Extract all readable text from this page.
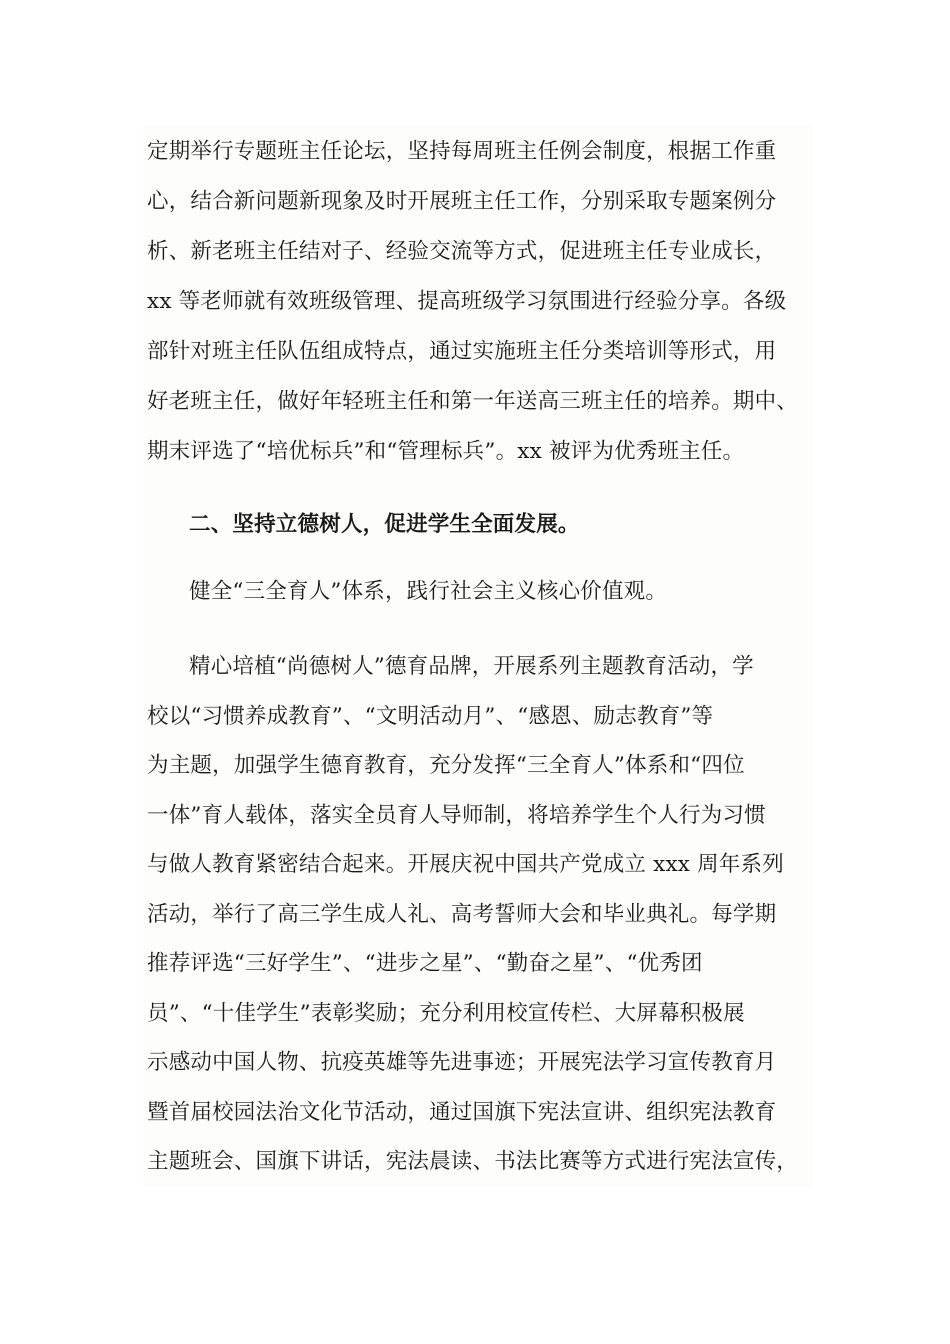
定期举行专题班主任论坛，坚持每周班主任例会制度，根据工作重
心，结合新问题新现象及时开展班主任工作，分别采取专题案例分
析、新老班主任结对子、经验交流等方式，促进班主任专业成长，
xx 等老师就有效班级管理、提高班级学习氛围进行经验分享。各级
部针对班主任队伍组成特点，通过实施班主任分类培训等形式，用
好老班主任，做好年轻班主任和第一年送高三班主任的培养。期中、
期末评选了“培优标兵”和“管理标兵”。xx 被评为优秀班主任。
二、坚持立德树人，促进学生全面发展。
健全“三全育人”体系，践行社会主义核心价值观。
精心培植“尚德树人”德育品牌，开展系列主题教育活动，学
校以“习惯养成教育”、“文明活动月”、“感恩、励志教育”等
为主题，加强学生德育教育，充分发挥“三全育人”体系和“四位
一体”育人载体，落实全员育人导师制，将培养学生个人行为习惯
与做人教育紧密结合起来。开展庆祝中国共产党成立 xxx 周年系列
活动，举行了高三学生成人礼、高考誓师大会和毕业典礼。每学期
推荐评选“三好学生”、“进步之星”、“勤奋之星”、“优秀团
员”、“十佳学生”表彰奖励；充分利用校宣传栏、大屏幕积极展
示感动中国人物、抗疫英雄等先进事迹；开展宪法学习宣传教育月
暨首届校园法治文化节活动，通过国旗下宪法宣讲、组织宪法教育
主题班会、国旗下讲话，宪法晨读、书法比赛等方式进行宪法宣传，
